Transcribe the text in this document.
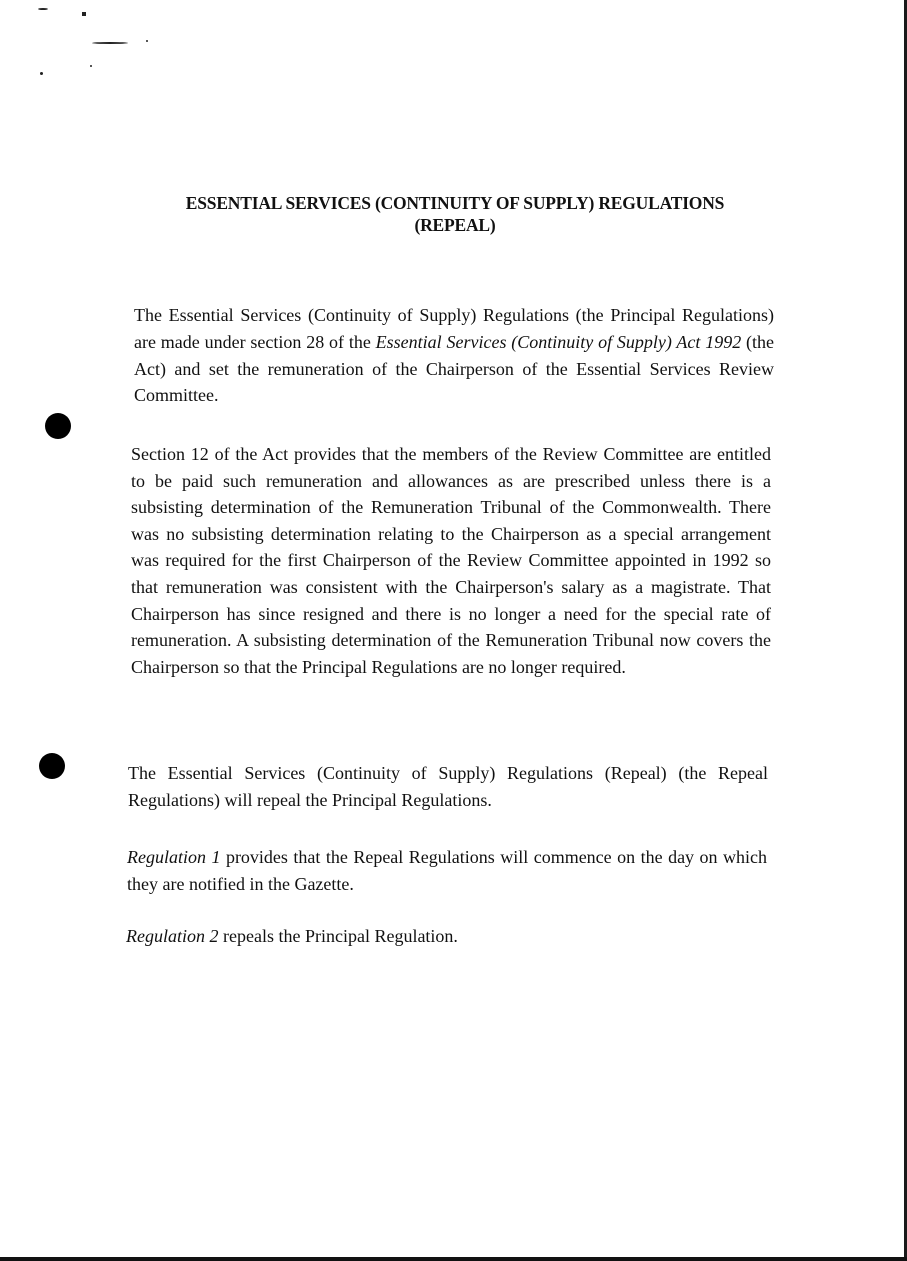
ESSENTIAL SERVICES (CONTINUITY OF SUPPLY) REGULATIONS
(REPEAL)

The Essential Services (Continuity of Supply) Regulations (the Principal Regulations) are made under section 28 of the Essential Services (Continuity of Supply) Act 1992 (the Act) and set the remuneration of the Chairperson of the Essential Services Review Committee.

Section 12 of the Act provides that the members of the Review Committee are entitled to be paid such remuneration and allowances as are prescribed unless there is a subsisting determination of the Remuneration Tribunal of the Commonwealth. There was no subsisting determination relating to the Chairperson as a special arrangement was required for the first Chairperson of the Review Committee appointed in 1992 so that remuneration was consistent with the Chairperson's salary as a magistrate. That Chairperson has since resigned and there is no longer a need for the special rate of remuneration. A subsisting determination of the Remuneration Tribunal now covers the Chairperson so that the Principal Regulations are no longer required.

The Essential Services (Continuity of Supply) Regulations (Repeal) (the Repeal Regulations) will repeal the Principal Regulations.

Regulation 1 provides that the Repeal Regulations will commence on the day on which they are notified in the Gazette.

Regulation 2 repeals the Principal Regulation.
